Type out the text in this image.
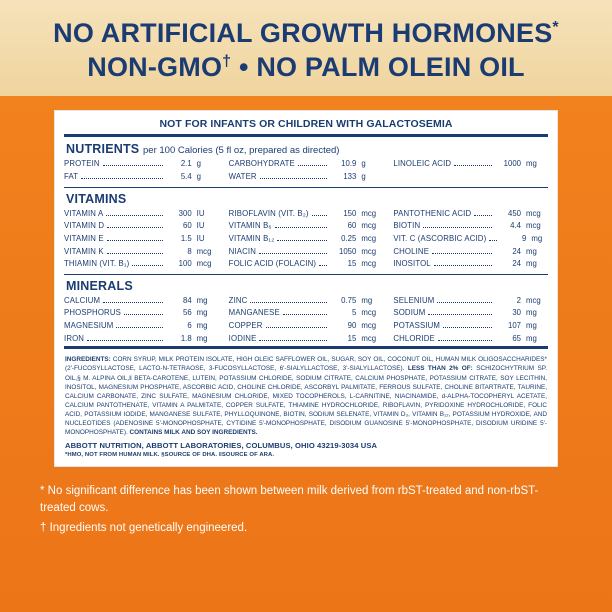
NO ARTIFICIAL GROWTH HORMONES*
NON-GMO† • NO PALM OLEIN OIL
NOT FOR INFANTS OR CHILDREN WITH GALACTOSEMIA
NUTRIENTS per 100 Calories (5 fl oz, prepared as directed)
PROTEIN	2.1 g
FAT	5.4 g
CARBOHYDRATE	10.9 g
WATER	133 g
LINOLEIC ACID	1000 mg
VITAMINS
VITAMIN A	300 IU
VITAMIN D	60 IU
VITAMIN E	1.5 IU
VITAMIN K	8 mcg
THIAMIN (VIT. B₁)	100 mcg
RIBOFLAVIN (VIT. B₂)	150 mcg
VITAMIN B₆	60 mcg
VITAMIN B₁₂	0.25 mcg
NIACIN	1050 mcg
FOLIC ACID (FOLACIN)	15 mcg
PANTOTHENIC ACID	450 mcg
BIOTIN	4.4 mcg
VIT. C (ASCORBIC ACID)	9 mg
CHOLINE	24 mg
INOSITOL	24 mg
MINERALS
CALCIUM	84 mg
PHOSPHORUS	56 mg
MAGNESIUM	6 mg
IRON	1.8 mg
ZINC	0.75 mg
MANGANESE	5 mcg
COPPER	90 mcg
IODINE	15 mcg
SELENIUM	2 mcg
SODIUM	30 mg
POTASSIUM	107 mg
CHLORIDE	65 mg
INGREDIENTS: CORN SYRUP, MILK PROTEIN ISOLATE, HIGH OLEIC SAFFLOWER OIL, SUGAR, SOY OIL, COCONUT OIL, HUMAN MILK OLIGOSACCHARIDES* (2'-FUCOSYLLACTOSE, LACTO-N-TETRAOSE, 3-FUCOSYLLACTOSE, 6'-SIALYLLACTOSE, 3'-SIALYLLACTOSE). LESS THAN 2% OF: SCHIZOCHYTRIUM SP. OIL,§ M. ALPINA OIL,‖ BETA-CAROTENE, LUTEIN, POTASSIUM CHLORIDE, SODIUM CITRATE, CALCIUM PHOSPHATE, POTASSIUM CITRATE, SOY LECITHIN, INOSITOL, MAGNESIUM PHOSPHATE, ASCORBIC ACID, CHOLINE CHLORIDE, ASCORBYL PALMITATE, FERROUS SULFATE, CHOLINE BITARTRATE, TAURINE, CALCIUM CARBONATE, ZINC SULFATE, MAGNESIUM CHLORIDE, MIXED TOCOPHEROLS, L-CARNITINE, NIACINAMIDE, d-ALPHA-TOCOPHERYL ACETATE, CALCIUM PANTOTHENATE, VITAMIN A PALMITATE, COPPER SULFATE, THIAMINE HYDROCHLORIDE, RIBOFLAVIN, PYRIDOXINE HYDROCHLORIDE, FOLIC ACID, POTASSIUM IODIDE, MANGANESE SULFATE, PHYLLOQUINONE, BIOTIN, SODIUM SELENATE, VITAMIN D₃, VITAMIN B₁₂, POTASSIUM HYDROXIDE, AND NUCLEOTIDES (ADENOSINE 5'-MONOPHOSPHATE, CYTIDINE 5'-MONOPHOSPHATE, DISODIUM GUANOSINE 5'-MONOPHOSPHATE, DISODIUM URIDINE 5'-MONOPHOSPHATE). CONTAINS MILK AND SOY INGREDIENTS.
ABBOTT NUTRITION, ABBOTT LABORATORIES, COLUMBUS, OHIO 43219-3034 USA
*HMO, NOT FROM HUMAN MILK. §SOURCE OF DHA. ‖SOURCE OF ARA.
* No significant difference has been shown between milk derived from rbST-treated and non-rbST-treated cows.
† Ingredients not genetically engineered.
